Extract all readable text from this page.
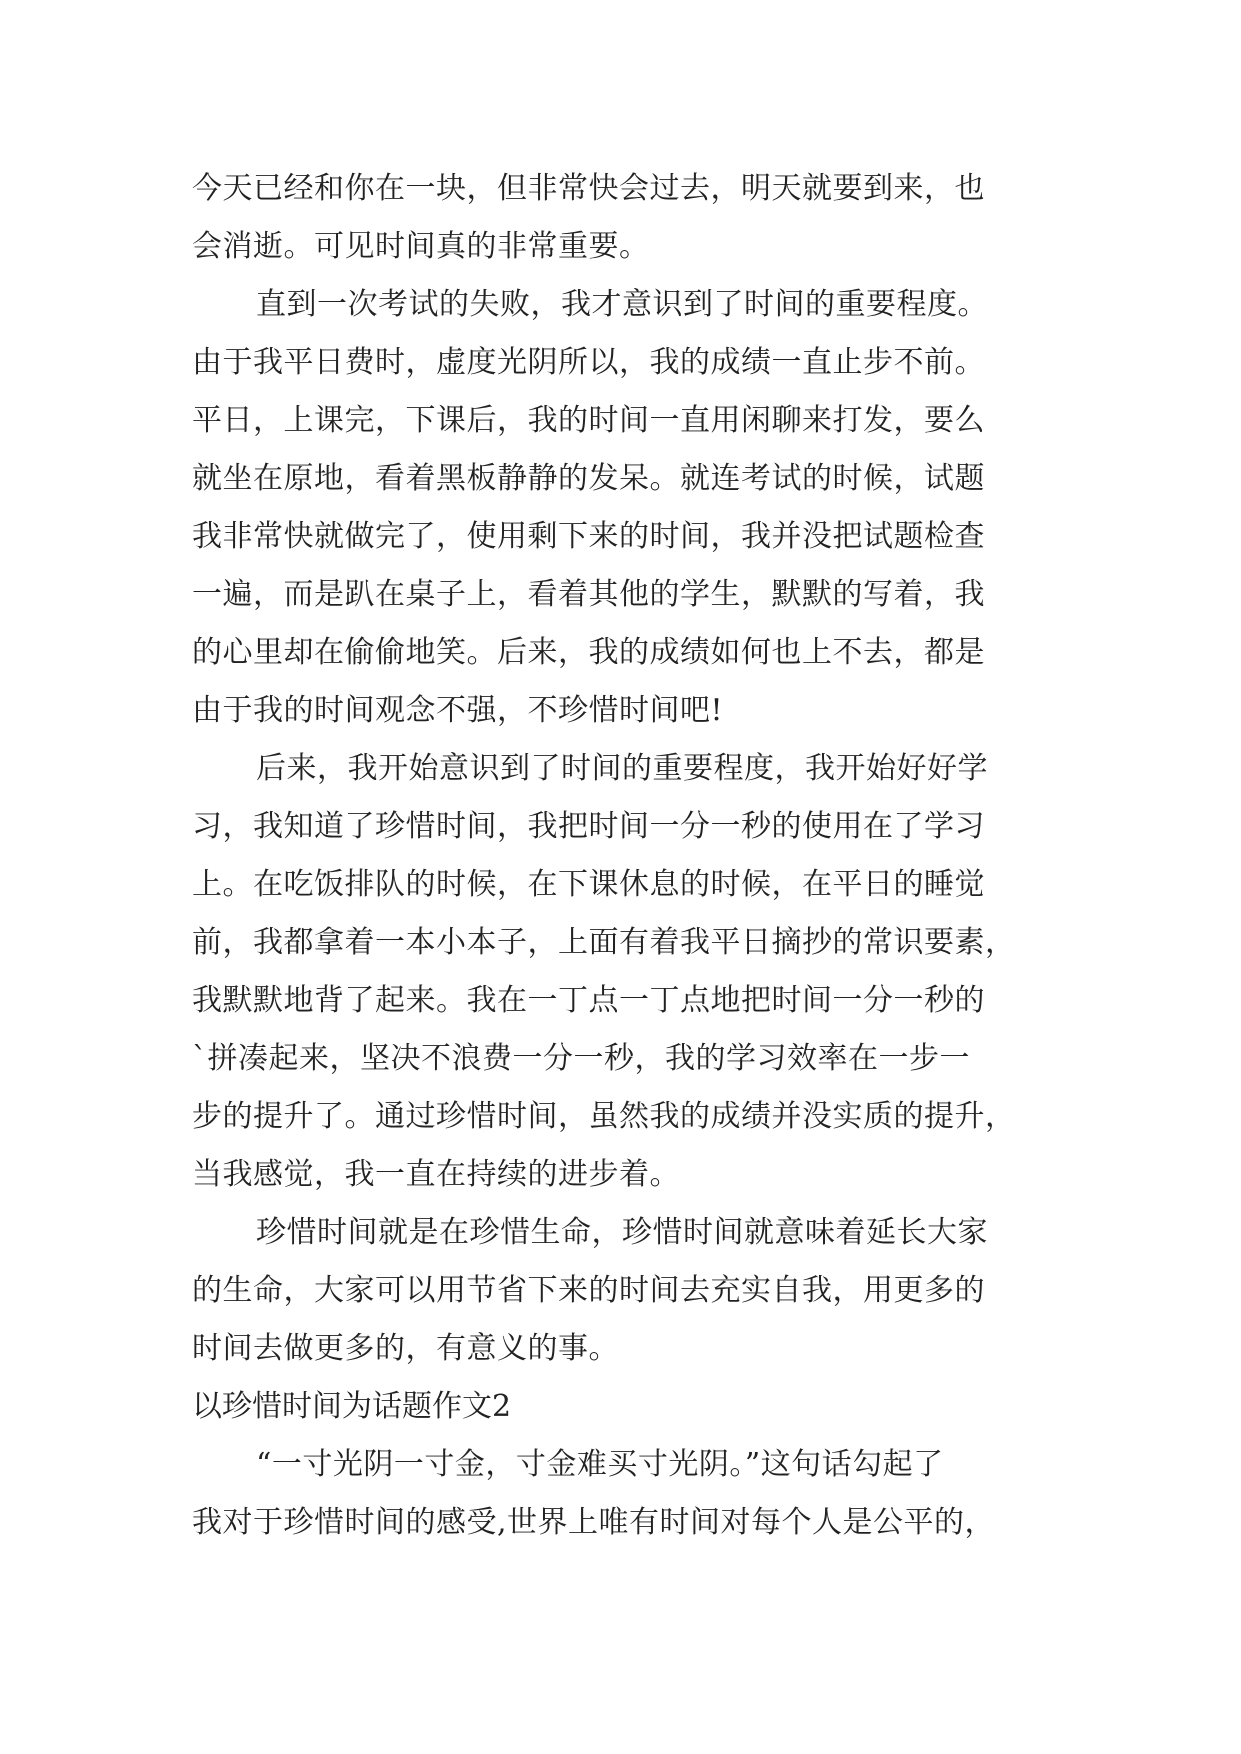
今天已经和你在一块，但非常快会过去，明天就要到来，也
会消逝。可见时间真的非常重要。
直到一次考试的失败，我才意识到了时间的重要程度。
由于我平日费时，虚度光阴所以，我的成绩一直止步不前。
平日，上课完，下课后，我的时间一直用闲聊来打发，要么
就坐在原地，看着黑板静静的发呆。就连考试的时候，试题
我非常快就做完了，使用剩下来的时间，我并没把试题检查
一遍，而是趴在桌子上，看着其他的学生，默默的写着，我
的心里却在偷偷地笑。后来，我的成绩如何也上不去，都是
由于我的时间观念不强，不珍惜时间吧!
后来，我开始意识到了时间的重要程度，我开始好好学
习，我知道了珍惜时间，我把时间一分一秒的使用在了学习
上。在吃饭排队的时候，在下课休息的时候，在平日的睡觉
前，我都拿着一本小本子，上面有着我平日摘抄的常识要素，
我默默地背了起来。我在一丁点一丁点地把时间一分一秒的
`拼凑起来，坚决不浪费一分一秒，我的学习效率在一步一
步的提升了。通过珍惜时间，虽然我的成绩并没实质的提升，
当我感觉，我一直在持续的进步着。
珍惜时间就是在珍惜生命，珍惜时间就意味着延长大家
的生命，大家可以用节省下来的时间去充实自我，用更多的
时间去做更多的，有意义的事。
以珍惜时间为话题作文2
“一寸光阴一寸金，寸金难买寸光阴。”这句话勾起了
我对于珍惜时间的感受,世界上唯有时间对每个人是公平的，
